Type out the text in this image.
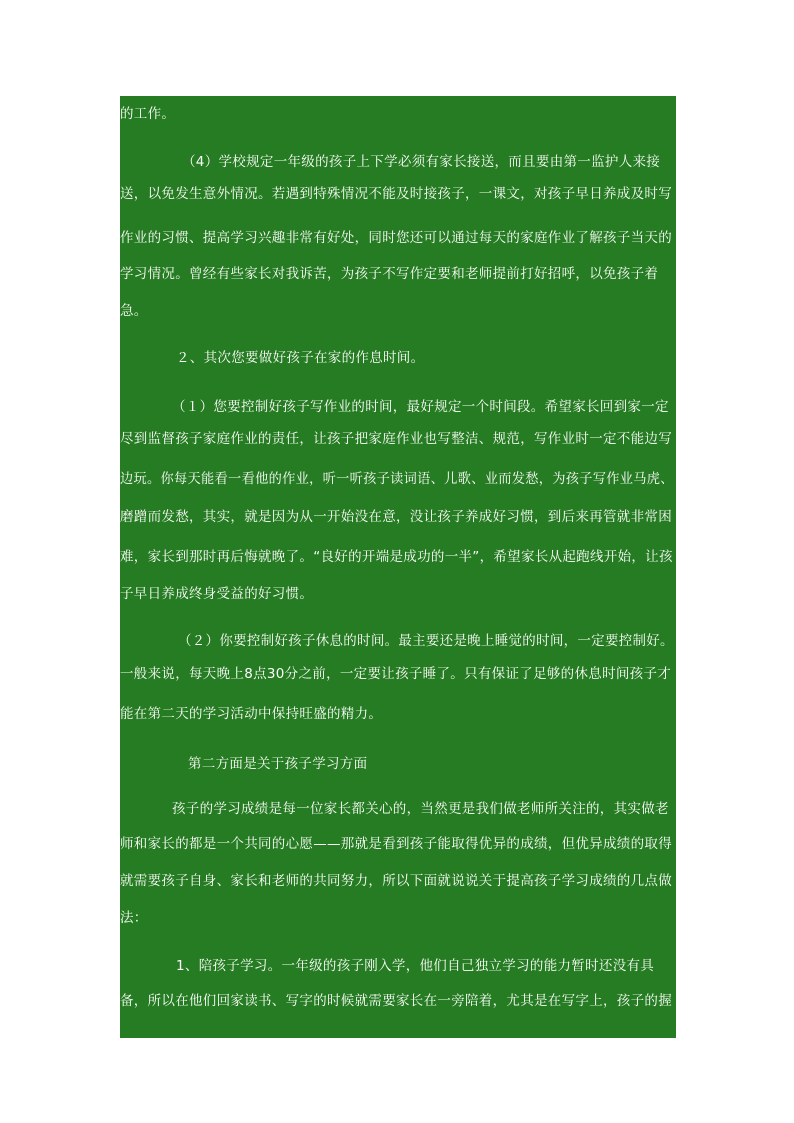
的工作。
（4）学校规定一年级的孩子上下学必须有家长接送，而且要由第一监护人来接
送，以免发生意外情况。若遇到特殊情况不能及时接孩子，一课文，对孩子早日养成及时写
作业的习惯、提高学习兴趣非常有好处，同时您还可以通过每天的家庭作业了解孩子当天的
学习情况。曾经有些家长对我诉苦，为孩子不写作定要和老师提前打好招呼，以免孩子着
急。
２、其次您要做好孩子在家的作息时间。
（１）您要控制好孩子写作业的时间，最好规定一个时间段。希望家长回到家一定
尽到监督孩子家庭作业的责任，让孩子把家庭作业也写整洁、规范，写作业时一定不能边写
边玩。你每天能看一看他的作业，听一听孩子读词语、儿歌、业而发愁，为孩子写作业马虎、
磨蹭而发愁，其实，就是因为从一开始没在意，没让孩子养成好习惯，到后来再管就非常困
难，家长到那时再后悔就晚了。“良好的开端是成功的一半”，希望家长从起跑线开始，让孩
子早日养成终身受益的好习惯。
（２）你要控制好孩子休息的时间。最主要还是晚上睡觉的时间，一定要控制好。
一般来说，每天晚上8点30分之前，一定要让孩子睡了。只有保证了足够的休息时间孩子才
能在第二天的学习活动中保持旺盛的精力。
第二方面是关于孩子学习方面
孩子的学习成绩是每一位家长都关心的，当然更是我们做老师所关注的，其实做老
师和家长的都是一个共同的心愿——那就是看到孩子能取得优异的成绩，但优异成绩的取得
就需要孩子自身、家长和老师的共同努力，所以下面就说说关于提高孩子学习成绩的几点做
法：
1、陪孩子学习。一年级的孩子刚入学，他们自己独立学习的能力暂时还没有具
备，所以在他们回家读书、写字的时候就需要家长在一旁陪着，尤其是在写字上，孩子的握
